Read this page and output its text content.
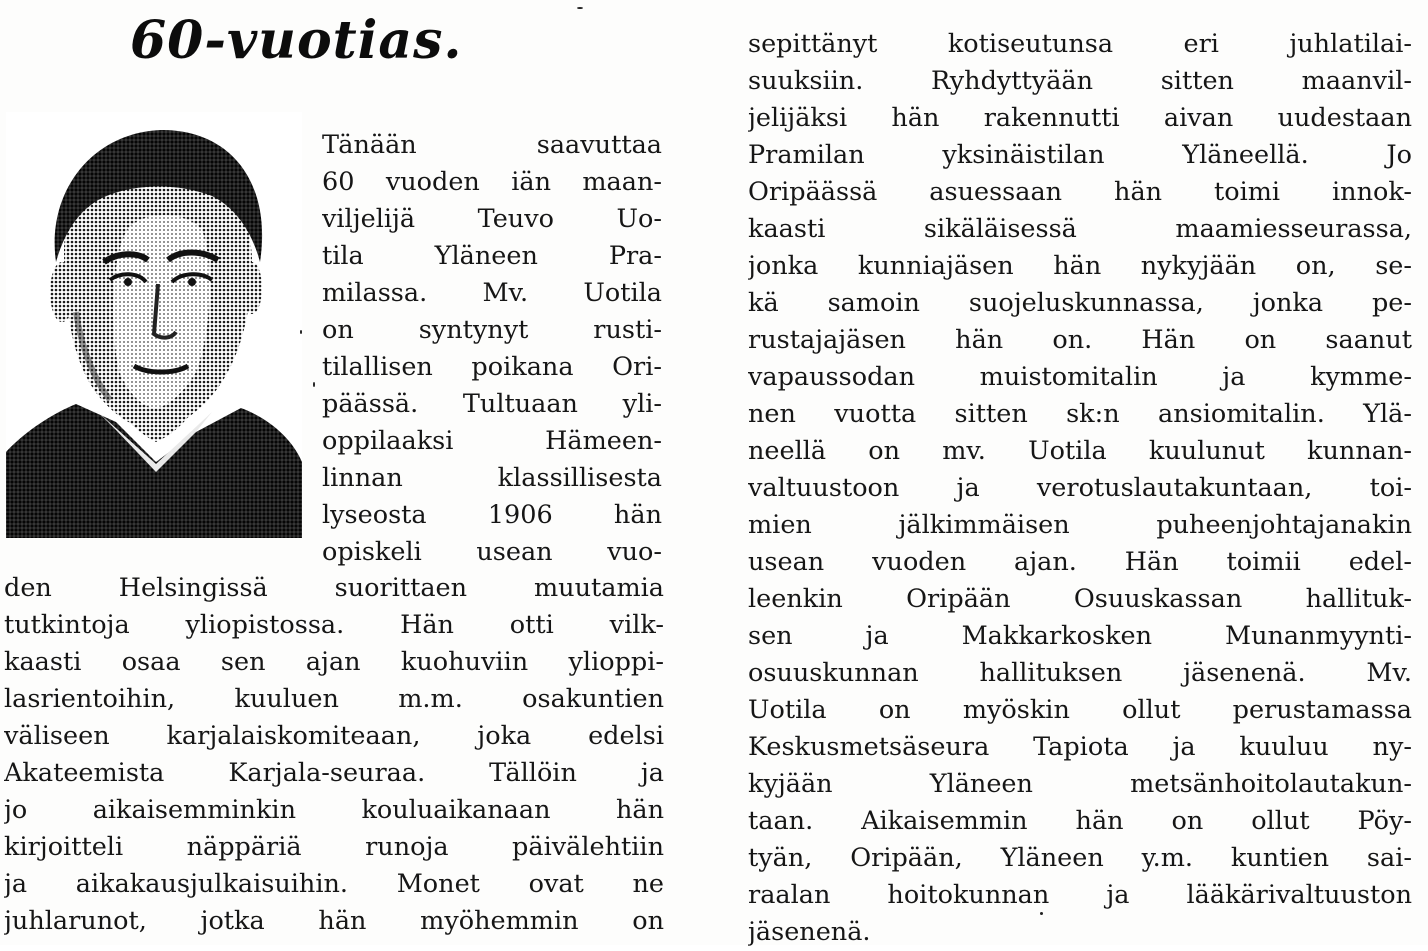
60-vuotias.
Tänään saavuttaa
60 vuoden iän maan-
viljelijä Teuvo Uo-
tila Yläneen Pra-
milassa. Mv. Uotila
on syntynyt rusti-
tilallisen poikana Ori-
päässä. Tultuaan yli-
oppilaaksi Hämeen-
linnan klassillisesta
lyseosta 1906 hän
opiskeli usean vuo-
den Helsingissä suorittaen muutamia
tutkintoja yliopistossa. Hän otti vilk-
kaasti osaa sen ajan kuohuviin ylioppi-
lasrientoihin, kuuluen m.m. osakuntien
väliseen karjalaiskomiteaan, joka edelsi
Akateemista Karjala-seuraa. Tällöin ja
jo aikaisemminkin kouluaikanaan hän
kirjoitteli näppäriä runoja päivälehtiin
ja aikakausjulkaisuihin. Monet ovat ne
juhlarunot, jotka hän myöhemmin on
sepittänyt kotiseutunsa eri juhlatilai-
suuksiin. Ryhdyttyään sitten maanvil-
jelijäksi hän rakennutti aivan uudestaan
Pramilan yksinäistilan Yläneellä. Jo
Oripäässä asuessaan hän toimi innok-
kaasti sikäläisessä maamiesseurassa,
jonka kunniajäsen hän nykyjään on, se-
kä samoin suojeluskunnassa, jonka pe-
rustajajäsen hän on. Hän on saanut
vapaussodan muistomitalin ja kymme-
nen vuotta sitten sk:n ansiomitalin. Ylä-
neellä on mv. Uotila kuulunut kunnan-
valtuustoon ja verotuslautakuntaan, toi-
mien jälkimmäisen puheenjohtajanakin
usean vuoden ajan. Hän toimii edel-
leenkin Oripään Osuuskassan hallituk-
sen ja Makkarkosken Munanmyynti-
osuuskunnan hallituksen jäsenenä. Mv.
Uotila on myöskin ollut perustamassa
Keskusmetsäseura Tapiota ja kuuluu ny-
kyjään Yläneen metsänhoitolautakun-
taan. Aikaisemmin hän on ollut Pöy-
tyän, Oripään, Yläneen y.m. kuntien sai-
raalan hoitokunnan ja lääkärivaltuuston
jäsenenä.
